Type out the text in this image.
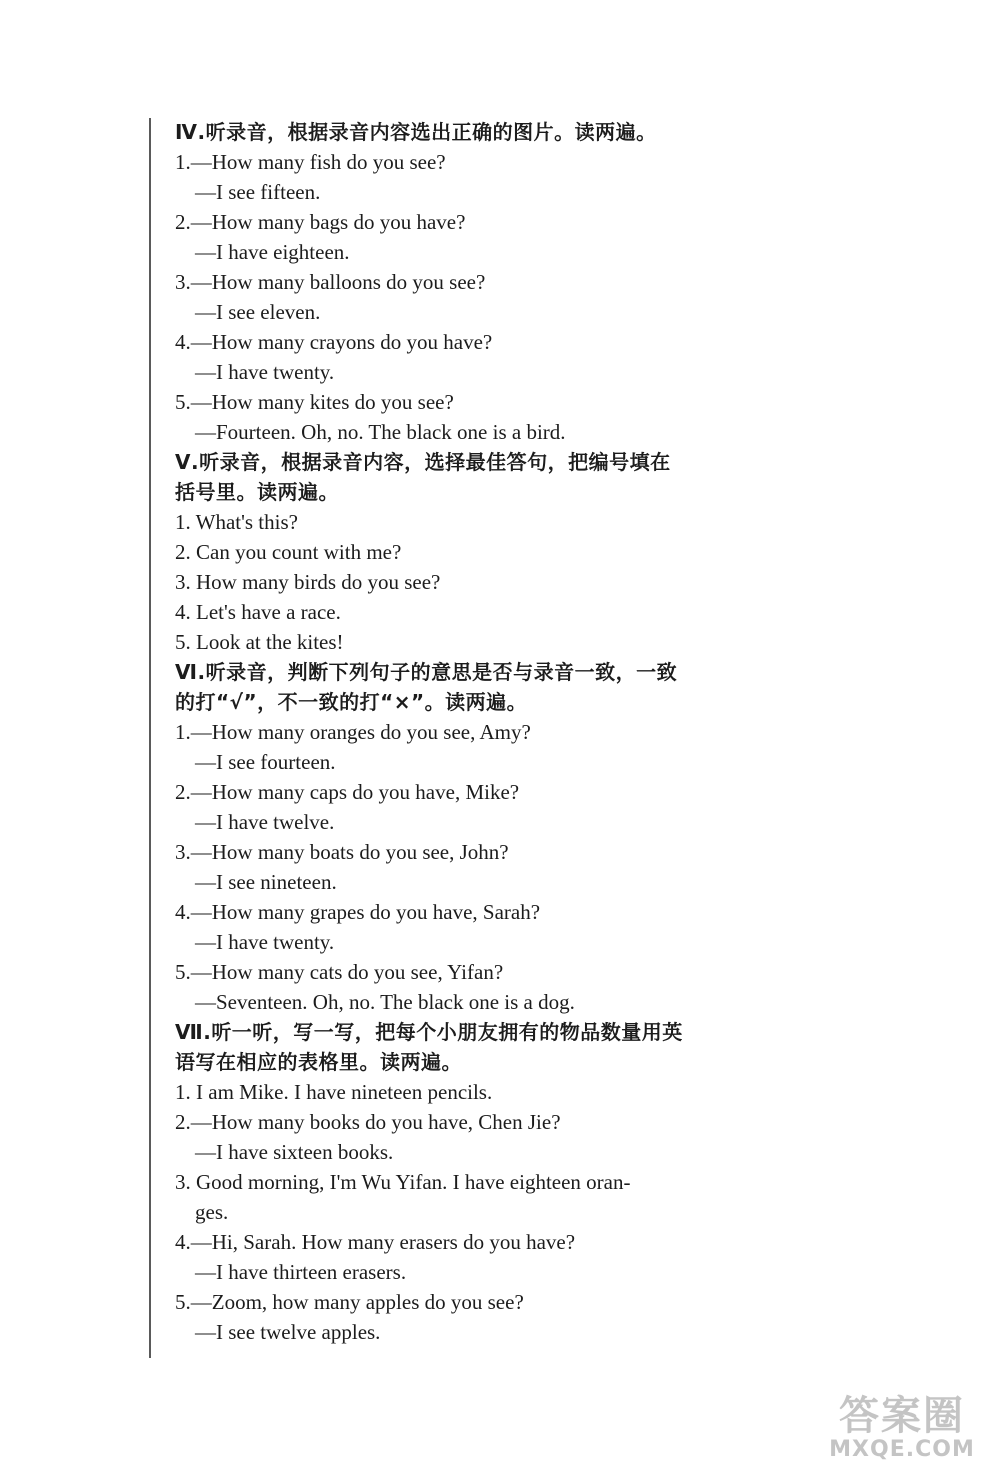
Ⅳ.听录音，根据录音内容选出正确的图片。读两遍。

1.—How many fish do you see?

—I see fifteen.

2.—How many bags do you have?

—I have eighteen.

3.—How many balloons do you see?

—I see eleven.

4.—How many crayons do you have?

—I have twenty.

5.—How many kites do you see?

—Fourteen. Oh, no. The black one is a bird.

Ⅴ.听录音，根据录音内容，选择最佳答句，把编号填在

括号里。读两遍。

1. What's this?

2. Can you count with me?

3. How many birds do you see?

4. Let's have a race.

5. Look at the kites!

Ⅵ.听录音，判断下列句子的意思是否与录音一致，一致

的打“√”，不一致的打“×”。读两遍。

1.—How many oranges do you see, Amy?

—I see fourteen.

2.—How many caps do you have, Mike?

—I have twelve.

3.—How many boats do you see, John?

—I see nineteen.

4.—How many grapes do you have, Sarah?

—I have twenty.

5.—How many cats do you see, Yifan?

—Seventeen. Oh, no. The black one is a dog.

Ⅶ.听一听，写一写，把每个小朋友拥有的物品数量用英

语写在相应的表格里。读两遍。

1. I am Mike. I have nineteen pencils.

2.—How many books do you have, Chen Jie?

—I have sixteen books.

3. Good morning, I'm Wu Yifan. I have eighteen oran-

ges.

4.—Hi, Sarah. How many erasers do you have?

—I have thirteen erasers.

5.—Zoom, how many apples do you see?

—I see twelve apples.

答案圈
MXQE.COM
